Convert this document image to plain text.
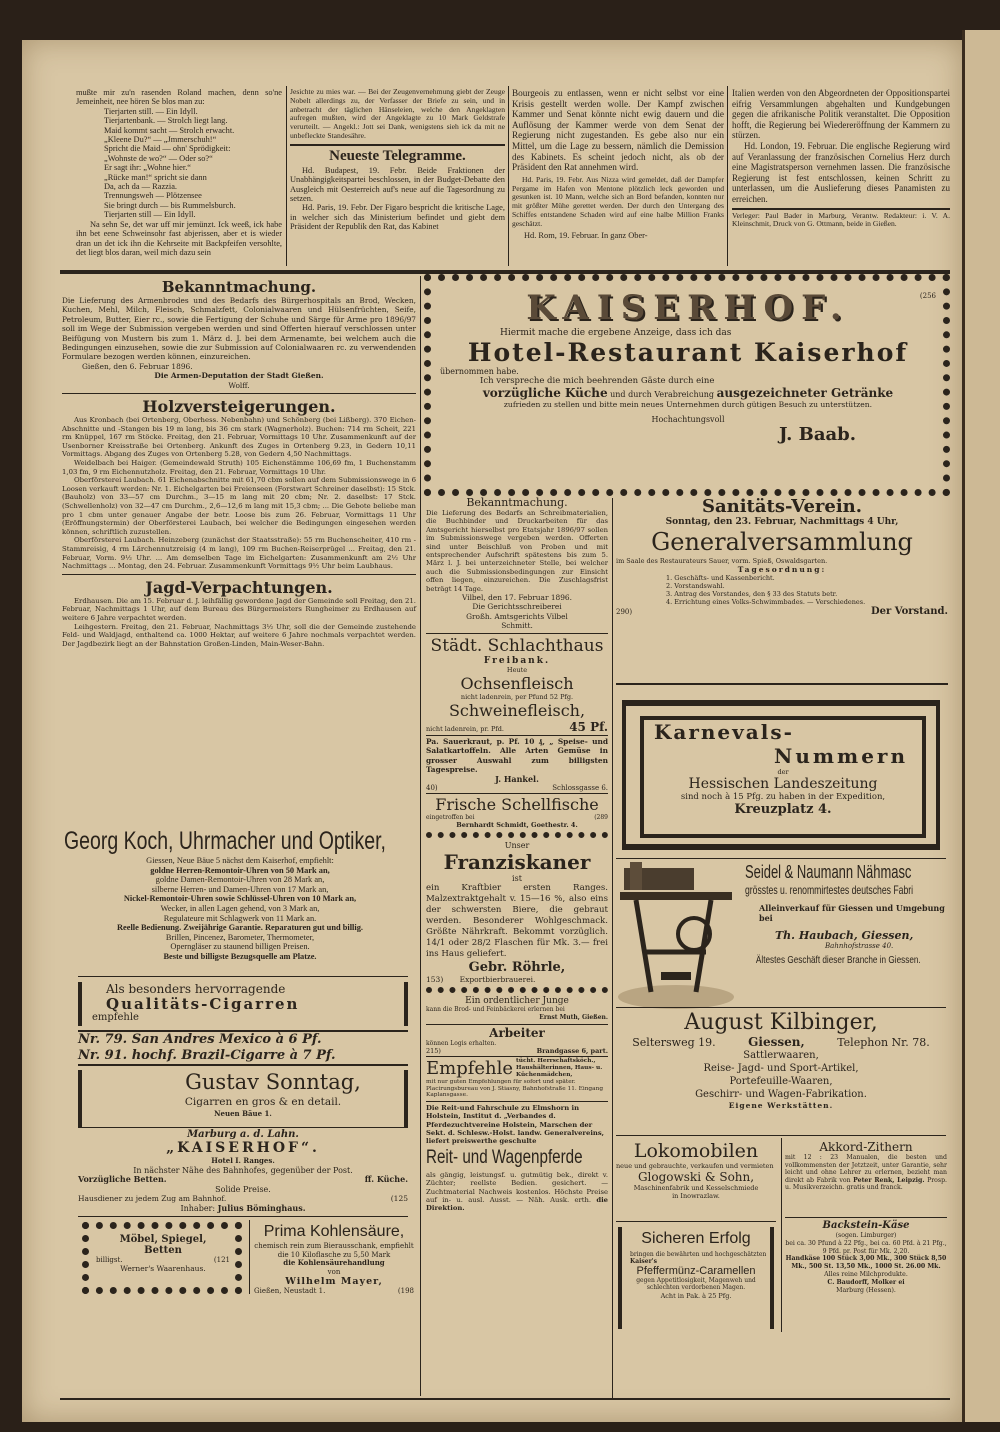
mußte mir zu'n rasenden Roland machen, denn so'ne Jemeinheit, nee hören Se blos man zu:
Tierjarten still. — Ein Idyll.
Tierjartenbank. — Strolch liegt lang.
Maid kommt sacht — Strolch erwacht.
„Kleene Du?“ — „Jmmerschuh!“
Spricht die Maid — ohn' Sprödigkeit:
„Wohnste de wo?“ — Oder so?“
Er sagt ihr: „Wohne hier.“
„Rücke man!“ spricht sie dann
Da, ach da — Razzia.
Trennungsweh — Plötzensee
Sie bringt durch — bis Rummelsburch.
Tierjarten still — Ein Idyll.
Na sehn Se, det war uff mir jemünzt. Ick weeß, ick habe ihn bet eene Schweinsohr fast abjerissen, aber et is wieder dran un det ick ihn die Kehrseite mit Backpfeifen versohlte, det liegt blos daran, weil mich dazu sein
Jesichte zu mies war. — Bei der Zeugenvernehmung giebt der Zeuge Nobelt allerdings zu, der Verfasser der Briefe zu sein, und in anbetracht der täglichen Hänseleien, welche den Angeklagten aufregen mußten, wird der Angeklagte zu 10 Mark Geldstrafe verurteilt. — Angekl.: Jott sei Dank, wenigstens sieh ick da mit ne unbefleckte Standesähre.
Neueste Telegramme.
Hd. Budapest, 19. Febr. Beide Fraktionen der Unabhängigkeitspartei beschlossen, in der Budget-Debatte den Ausgleich mit Oesterreich auf's neue auf die Tagesordnung zu setzen.
Hd. Paris, 19. Febr. Der Figaro bespricht die kritische Lage, in welcher sich das Ministerium befindet und giebt dem Präsident der Republik den Rat, das Kabinet
Bourgeois zu entlassen, wenn er nicht selbst vor eine Krisis gestellt werden wolle. Der Kampf zwischen Kammer und Senat könnte nicht ewig dauern und die Auflösung der Kammer werde von dem Senat der Regierung nicht zugestanden. Es gebe also nur ein Mittel, um die Lage zu bessern, nämlich die Demission des Kabinets. Es scheint jedoch nicht, als ob der Präsident den Rat annehmen wird.
Hd. Paris, 19. Febr. Aus Nizza wird gemeldet, daß der Dampfer Pergame im Hafen von Mentone plötzlich leck geworden und gesunken ist. 10 Mann, welche sich an Bord befanden, konnten nur mit größter Mühe gerettet werden. Der durch den Untergang des Schiffes entstandene Schaden wird auf eine halbe Million Franks geschätzt.
Hd. Rom, 19. Februar. In ganz Ober-
Italien werden von den Abgeordneten der Oppositionspartei eifrig Versammlungen abgehalten und Kundgebungen gegen die afrikanische Politik veranstaltet. Die Opposition hofft, die Regierung bei Wiedereröffnung der Kammern zu stürzen.
Hd. London, 19. Februar. Die englische Regierung wird auf Veranlassung der französischen Cornelius Herz durch eine Magistratsperson vernehmen lassen. Die französische Regierung ist fest entschlossen, keinen Schritt zu unterlassen, um die Auslieferung dieses Panamisten zu erreichen.
Verleger: Paul Bader in Marburg, Verantw. Redakteur: i. V. A. Kleinschmit, Druck von G. Ottmann, beide in Gießen.
Bekanntmachung.
Die Lieferung des Armenbrodes und des Bedarfs des Bürgerhospitals an Brod, Wecken, Kuchen, Mehl, Milch, Fleisch, Schmalzfett, Colonialwaaren und Hülsenfrüchten, Seife, Petroleum, Butter, Eier rc., sowie die Fertigung der Schuhe und Särge für Arme pro 1896/97 soll im Wege der Submission vergeben werden und sind Offerten hierauf verschlossen unter Beifügung von Mustern bis zum 1. März d. J. bei dem Armenamte, bei welchem auch die Bedingungen einzusehen, sowie die zur Submission auf Colonialwaaren rc. zu verwendenden Formulare bezogen werden können, einzureichen.
Gießen, den 6. Februar 1896.
Die Armen-Deputation der Stadt Gießen.
Wolff.
Holzversteigerungen.
Aus Kronbach (bei Ortenberg, Oberhess. Nebenbahn) und Schönberg (bei Lißberg). 370 Eichen-Abschnitte und -Stangen bis 19 m lang, bis 36 cm stark (Wagnerholz). Buchen: 714 rm Scheit, 221 rm Knüppel, 167 rm Stöcke. Freitag, den 21. Februar, Vormittags 10 Uhr. Zusammenkunft auf der Usenborner Kreisstraße bei Ortenberg. Ankunft des Zuges in Ortenberg 9.23, in Gedern 10,11 Vormittags. Abgang des Zuges von Ortenberg 5.28, von Gedern 4,50 Nachmittags.
Weidelbach bei Haiger. (Gemeindewald Struth) 105 Eichenstämme 106,69 fm, 1 Buchenstamm 1,03 fm, 9 rm Eichennutzholz. Freitag, den 21. Februar, Vormittags 10 Uhr.
Oberförsterei Laubach. 61 Eichenabschnitte mit 61,70 cbm sollen auf dem Submissionswege in 6 Loosen verkauft werden: Nr. 1. Eichelgarten bei Freienseen (Forstwart Schreiner daselbst): 15 Stck. (Bauholz) von 33—57 cm Durchm., 3—15 m lang mit 20 cbm; Nr. 2. daselbst: 17 Stck. (Schwellenholz) von 32—47 cm Durchm., 2,6—12,6 m lang mit 15,3 cbm; ... Die Gebote beliebe man pro 1 cbm unter genauer Angabe der betr. Loose bis zum 26. Februar, Vormittags 11 Uhr (Eröffnungstermin) der Oberförsterei Laubach, bei welcher die Bedingungen eingesehen werden können, schriftlich zuzustellen.
Oberförsterei Laubach. Heinzeberg (zunächst der Staatsstraße): 55 rm Buchenscheiter, 410 rm -Stammreisig, 4 rm Lärchennutzreisig (4 m lang), 109 rm Buchen-Reiserprügel ... Freitag, den 21. Februar, Vorm. 9½ Uhr. ... Am demselben Tage im Eichelgarten: Zusammenkunft am 2½ Uhr Nachmittags ... Montag, den 24. Februar. Zusammenkunft Vormittags 9½ Uhr beim Laubhaus.
Jagd-Verpachtungen.
Erdhausen. Die am 15. Februar d. J. leihfällig gewordene Jagd der Gemeinde soll Freitag, den 21. Februar, Nachmittags 1 Uhr, auf dem Bureau des Bürgermeisters Rungheimer zu Erdhausen auf weitere 6 Jahre verpachtet werden.
Leihgestern. Freitag, den 21. Februar, Nachmittags 3½ Uhr, soll die der Gemeinde zustehende Feld- und Waldjagd, enthaltend ca. 1000 Hektar, auf weitere 6 Jahre nochmals verpachtet werden. Der Jagdbezirk liegt an der Bahnstation Großen-Linden, Main-Weser-Bahn.
Georg Koch, Uhrmacher und Optiker,
Giessen, Neue Bäue 5 nächst dem Kaiserhof, empfiehlt:
goldne Herren-Remontoir-Uhren von 50 Mark an,
goldne Damen-Remontoir-Uhren von 28 Mark an,
silberne Herren- und Damen-Uhren von 17 Mark an,
Nickel-Remontoir-Uhren sowie Schlüssel-Uhren von 10 Mark an,
Wecker, in allen Lagen gehend, von 3 Mark an,
Regulateure mit Schlagwerk von 11 Mark an.
Reelle Bedienung. Zweijährige Garantie. Reparaturen gut und billig.
Brillen, Pincenez, Barometer, Thermometer,
Operngläser zu staunend billigen Preisen.
Beste und billigste Bezugsquelle am Platze.
Als besonders hervorragende
Qualitäts-Cigarren
empfehle
Nr. 79. San Andres Mexico à 6 Pf.
Nr. 91. hochf. Brazil-Cigarre à 7 Pf.
Gustav Sonntag,
Cigarren en gros & en detail.
Neuen Bäue 1.
Marburg a. d. Lahn.
„KAISERHOF“.
Hotel I. Ranges.
In nächster Nähe des Bahnhofes, gegenüber der Post.
Vorzügliche Betten.	ff. Küche.
Solide Preise.
Hausdiener zu jedem Zug am Bahnhof.	(125
Inhaber: Julius Böminghaus.
Möbel, Spiegel,
Betten
billigst.	(121
Werner's Waarenhaus.
Prima Kohlensäure,
chemisch rein zum Bierausschank, empfiehlt die 10 Kiloflasche zu 5,50 Mark
die Kohlensäurehandlung
von
Wilhelm Mayer,
Gießen, Neustadt 1.	(198
KAISERHOF.	(256
Hiermit mache die ergebene Anzeige, dass ich das
Hotel-Restaurant Kaiserhof
übernommen habe.
Ich verspreche die mich beehrenden Gäste durch eine
vorzügliche Küche und durch Verabreichung ausgezeichneter Getränke
zufrieden zu stellen und bitte mein neues Unternehmen durch gütigen Besuch zu unterstützen.
Hochachtungsvoll
J. Baab.
Bekanntmachung.
Die Lieferung des Bedarfs an Schreibmaterialien, die Buchbinder und Druckarbeiten für das Amtsgericht hierselbst pro Etatsjahr 1896/97 sollen im Submissionswege vergeben werden. Offerten sind unter Beischluß von Proben und mit entsprechender Aufschrift spätestens bis zum 5. März l. J. bei unterzeichneter Stelle, bei welcher auch die Submissionsbedingungen zur Einsicht offen liegen, einzureichen. Die Zuschlagsfrist beträgt 14 Tage.
Vilbel, den 17. Februar 1896.
Die Gerichtsschreiberei
Großh. Amtsgerichts Vilbel
Schmitt.
Städt. Schlachthaus
Freibank.
Heute
Ochsenfleisch
nicht ladenrein, per Pfund 52 Pfg.
Schweinefleisch,
nicht ladenrein, pr. Pfd.	45 Pf.
Pa. Sauerkraut, p. Pf. 10 ₰, „ Speise- und Salatkartoffeln. Alle Arten Gemüse in grosser Auswahl zum billigsten Tagespreise.
J. Hankel.
40)	Schlossgasse 6.
Frische Schellfische
eingetroffen bei	(289
Bernhardt Schmidt, Goethestr. 4.
Unser
Franziskaner
ist
ein Kraftbier ersten Ranges. Malzextraktgehalt v. 15—16 %, also eins der schwersten Biere, die gebraut werden. Besonderer Wohlgeschmack. Größte Nährkraft. Bekommt vorzüglich. 14/1 oder 28/2 Flaschen für Mk. 3.— frei ins Haus geliefert.
Gebr. Röhrle,
153) Exportbierbrauerei.
Ein ordentlicher Junge
kann die Brod- und Feinbäckerei erlernen bei
Ernst Muth, Gießen.
Arbeiter
können Logis erhalten.
215)	Brandgasse 6, part.
Empfehle tücht. Herrschaftsköch., Haushälterinnen, Haus- u. Küchenmädchen,
mit nur guten Empfehlungen für sofort und später. Placirungsbureau von J. Stiasny, Bahnhofstraße 11. Eingang Kaplansgasse.
Die Reit-und Fahrschule zu Elmshorn in Holstein, Institut d. „Verbandes d. Pferdezuchtvereine Holstein, Marschen der Sekt. d. Schlesw.-Holst. landw. Generalvereins, liefert preiswerthe geschulte
Reit- und Wagenpferde
als gängig, leistungsf. u. gutmütig bek., direkt v. Züchter; reellste Bedien. gesichert. — Zuchtmaterial Nachweis kostenlos. Höchste Preise auf in- u. ausl. Ausst. — Näh. Ausk. erth. die Direktion.
Sanitäts-Verein.
Sonntag, den 23. Februar, Nachmittags 4 Uhr,
Generalversammlung
im Saale des Restaurateurs Sauer, vorm. Spieß, Oswaldsgarten.
Tagesordnung:
1. Geschäfts- und Kassenbericht.
2. Vorstandswahl.
3. Antrag des Vorstandes, den § 33 des Statuts betr.
4. Errichtung eines Volks-Schwimmbades. — Verschiedenes.
290)	Der Vorstand.
Karnevals-
Nummern
der
Hessischen Landeszeitung
sind noch à 15 Pfg. zu haben in der Expedition,
Kreuzplatz 4.
Seidel & Naumann Nähmasc
grösstes u. renommirtestes deutsches Fabri
Alleinverkauf für Giessen und Umgebung bei
Th. Haubach, Giessen,
Bahnhofstrasse 40.
Ältestes Geschäft dieser Branche in Giessen.
August Kilbinger,
Seltersweg 19.	Giessen,	Telephon Nr. 78.
Sattlerwaaren,
Reise- Jagd- und Sport-Artikel,
Portefeuille-Waaren,
Geschirr- und Wagen-Fabrikation.
Eigene Werkstätten.
Lokomobilen
neue und gebrauchte, verkaufen und vermieten
Glogowski & Sohn,
Maschinenfabrik und Kesselschmiede
in Inowrazlaw.
Sicheren Erfolg
bringen die bewährten und hochgeschätzten Kaiser's
Pfeffermünz-Caramellen
gegen Appetitlosigkeit, Magenweh und schlechten verdorbenen Magen.
Acht in Pak. à 25 Pfg.
Akkord-Zithern
mit 12 : 23 Manualen, die besten und vollkommensten der Jetztzeit, unter Garantie, sehr leicht und ohne Lehrer zu erlernen, bezieht man direkt ab Fabrik von Peter Renk, Leipzig. Prosp. u. Musikverzeichn. gratis und franck.
Backstein-Käse
(sogen. Limburger)
bei ca. 30 Pfund à 22 Pfg., bei ca. 60 Pfd. à 21 Pfg., 9 Pfd. pr. Post für Mk. 2,20.
Handkäse 100 Stück 3,00 Mk., 300 Stück 8,50 Mk., 500 St. 13,50 Mk., 1000 St. 26.00 Mk.
Alles reine Milchprodukte.
C. Baudorff, Molker ei
Marburg (Hessen).
